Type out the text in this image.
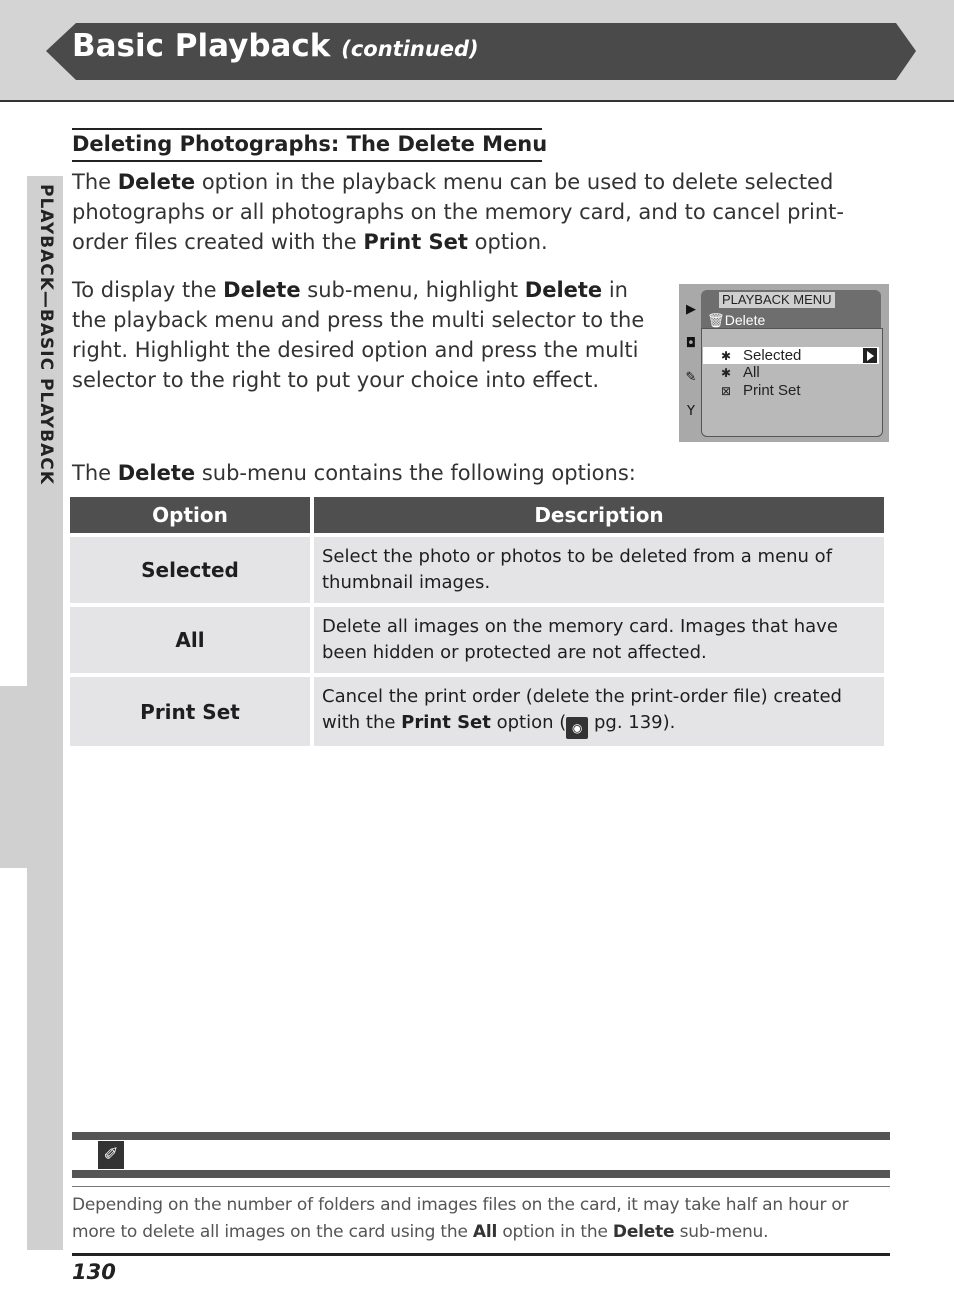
Basic Playback (continued)
PLAYBACK—BASIC PLAYBACK
Deleting Photographs: The Delete Menu

The Delete option in the playback menu can be used to delete selected photographs or all photographs on the memory card, and to cancel print-order files created with the Print Set option.

To display the Delete sub-menu, highlight Delete in the playback menu and press the multi selector to the right. Highlight the desired option and press the multi selector to the right to put your choice into effect.

▶
◘
✎
Y
PLAYBACK MENU
🗑Delete
✱ Selected
✱ All
⊠ Print Set

The Delete sub-menu contains the following options:

Option	Description
Selected	Select the photo or photos to be deleted from a menu of thumbnail images.
All	Delete all images on the memory card. Images that have been hidden or protected are not affected.
Print Set	Cancel the print order (delete the print-order file) created with the Print Set option ( ◉ pg. 139).
✐

Depending on the number of folders and images files on the card, it may take half an hour or more to delete all images on the card using the All option in the Delete sub-menu.

130
